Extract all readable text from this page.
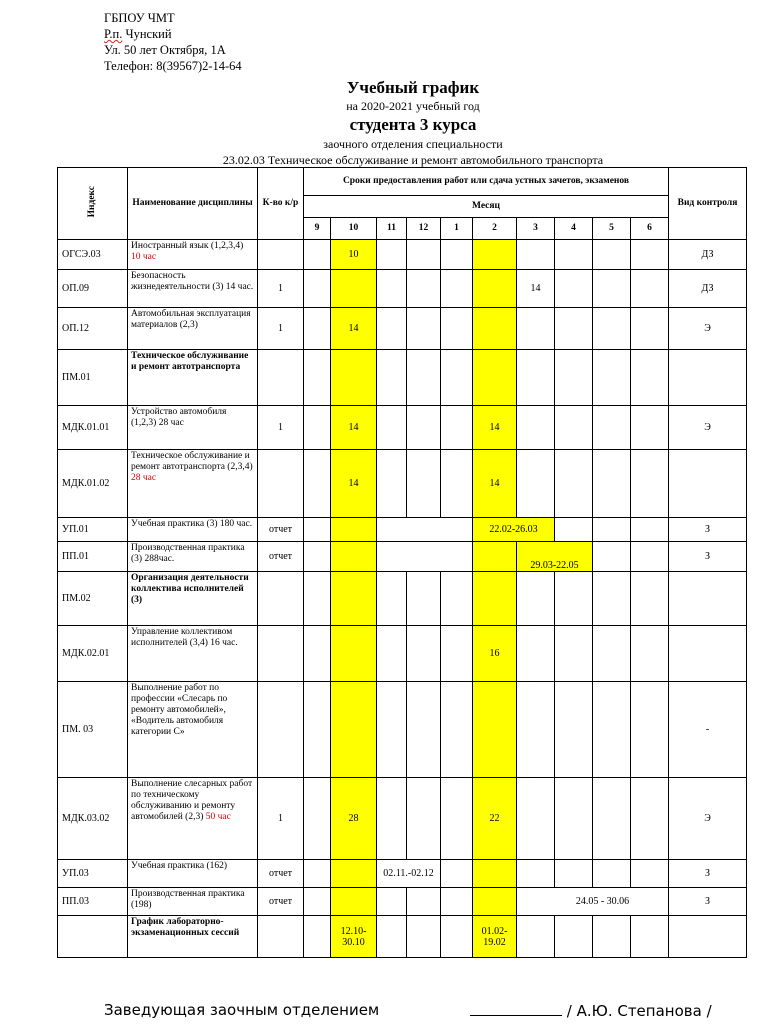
ГБПОУ ЧМТ
Р.п. Чунский
Ул. 50 лет Октября, 1А
Телефон: 8(39567)2-14-64
Учебный график
на 2020-2021 учебный год
студента 3 курса
заочного отделения специальности
23.02.03 Техническое обслуживание и ремонт автомобильного транспорта
Индекс	Наименование дисциплины	К-во к/р	Сроки предоставления работ или сдача устных зачетов, экзаменов										Вид контроля
			Месяц										
			9	10	11	12	1	2	3	4	5	6	
ОГСЭ.03	Иностранный язык (1,2,3,4) 10 час			10									ДЗ
ОП.09	Безопасность жизнедеятельности (3) 14 час.	1							14				ДЗ
ОП.12	Автомобильная эксплуатация материалов (2,3)	1		14									Э
ПМ.01	Техническое обслуживание и ремонт автотранспорта												
МДК.01.01	Устройство автомобиля (1,2,3) 28 час	1		14				14					Э
МДК.01.02	Техническое обслуживание и ремонт автотранспорта (2,3,4) 28 час			14				14					
УП.01	Учебная практика (3) 180 час.	отчет						22.02-26.03					З
ПП.01	Производственная практика (3) 288час.	отчет							29.03-22.05				З
ПМ.02	Организация деятельности коллектива исполнителей (3)												
МДК.02.01	Управление коллективом исполнителей (3,4) 16 час.							16					
ПМ. 03	Выполнение работ по профессии «Слесарь по ремонту автомобилей», «Водитель автомобиля категории С»												-
МДК.03.02	Выполнение слесарных работ по техническому обслуживанию и ремонту автомобилей (2,3) 50 час	1		28				22					Э
УП.03	Учебная практика (162)	отчет			02.11.-02.12								З
ПП.03	Производственная практика (198)	отчет							24.05 - 30.06				З
	График лабораторно-экзаменационных сессий			12.10-30.10				01.02-19.02					
Заведующая заочным отделением	/ А.Ю. Степанова /
